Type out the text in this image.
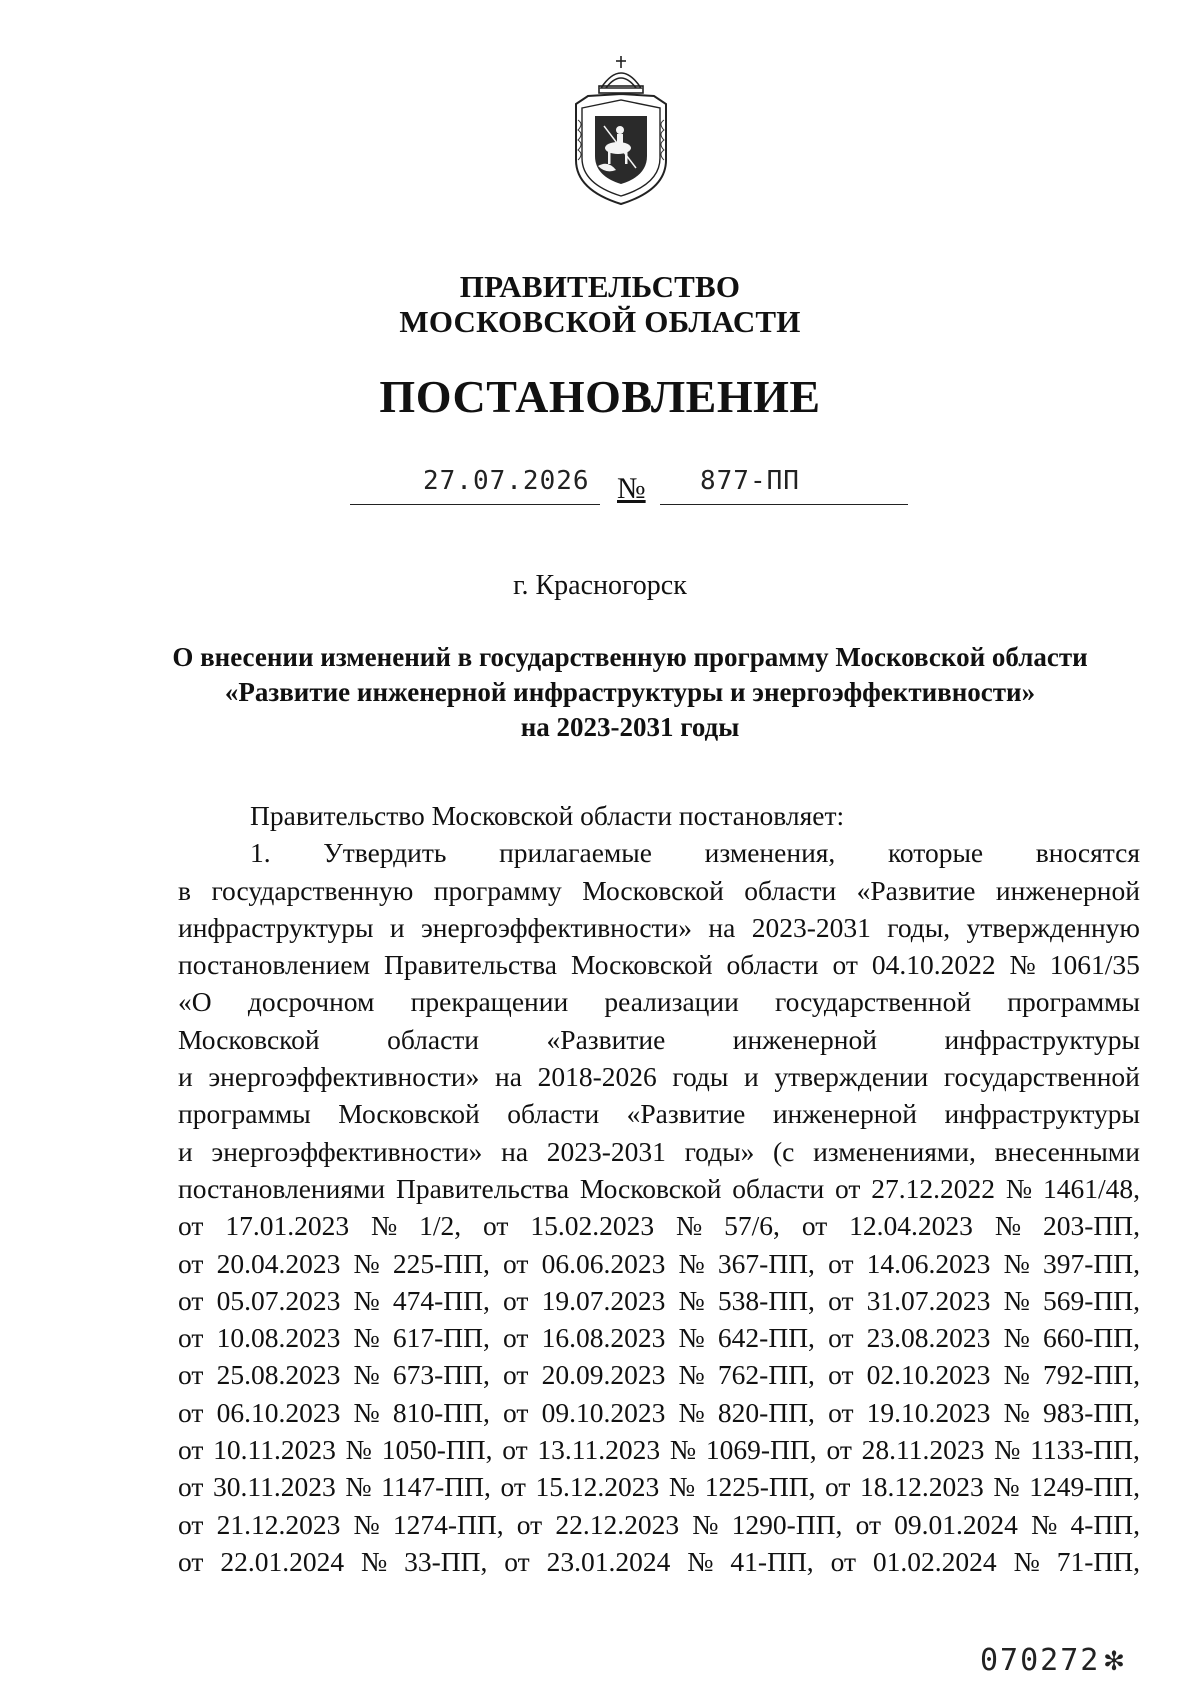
ПРАВИТЕЛЬСТВО
МОСКОВСКОЙ ОБЛАСТИ
ПОСТАНОВЛЕНИЕ
27.07.2026 № 877-ПП
г. Красногорск
О внесении изменений в государственную программу Московской области
«Развитие инженерной инфраструктуры и энергоэффективности»
на 2023-2031 годы

Правительство Московской области постановляет:

1. Утвердить прилагаемые изменения, которые вносятся
в государственную программу Московской области «Развитие инженерной
инфраструктуры и энергоэффективности» на 2023-2031 годы, утвержденную
постановлением Правительства Московской области от 04.10.2022 № 1061/35
«О досрочном прекращении реализации государственной программы
Московской области «Развитие инженерной инфраструктуры
и энергоэффективности» на 2018-2026 годы и утверждении государственной
программы Московской области «Развитие инженерной инфраструктуры
и энергоэффективности» на 2023-2031 годы» (с изменениями, внесенными
постановлениями Правительства Московской области от 27.12.2022 № 1461/48,
от 17.01.2023 № 1/2, от 15.02.2023 № 57/6, от 12.04.2023 № 203-ПП,
от 20.04.2023 № 225-ПП, от 06.06.2023 № 367-ПП, от 14.06.2023 № 397-ПП,
от 05.07.2023 № 474-ПП, от 19.07.2023 № 538-ПП, от 31.07.2023 № 569-ПП,
от 10.08.2023 № 617-ПП, от 16.08.2023 № 642-ПП, от 23.08.2023 № 660-ПП,
от 25.08.2023 № 673-ПП, от 20.09.2023 № 762-ПП, от 02.10.2023 № 792-ПП,
от 06.10.2023 № 810-ПП, от 09.10.2023 № 820-ПП, от 19.10.2023 № 983-ПП,
от 10.11.2023 № 1050-ПП, от 13.11.2023 № 1069-ПП, от 28.11.2023 № 1133-ПП,
от 30.11.2023 № 1147-ПП, от 15.12.2023 № 1225-ПП, от 18.12.2023 № 1249-ПП,
от 21.12.2023 № 1274-ПП, от 22.12.2023 № 1290-ПП, от 09.01.2024 № 4-ПП,
от 22.01.2024 № 33-ПП, от 23.01.2024 № 41-ПП, от 01.02.2024 № 71-ПП,
070272 ✻
